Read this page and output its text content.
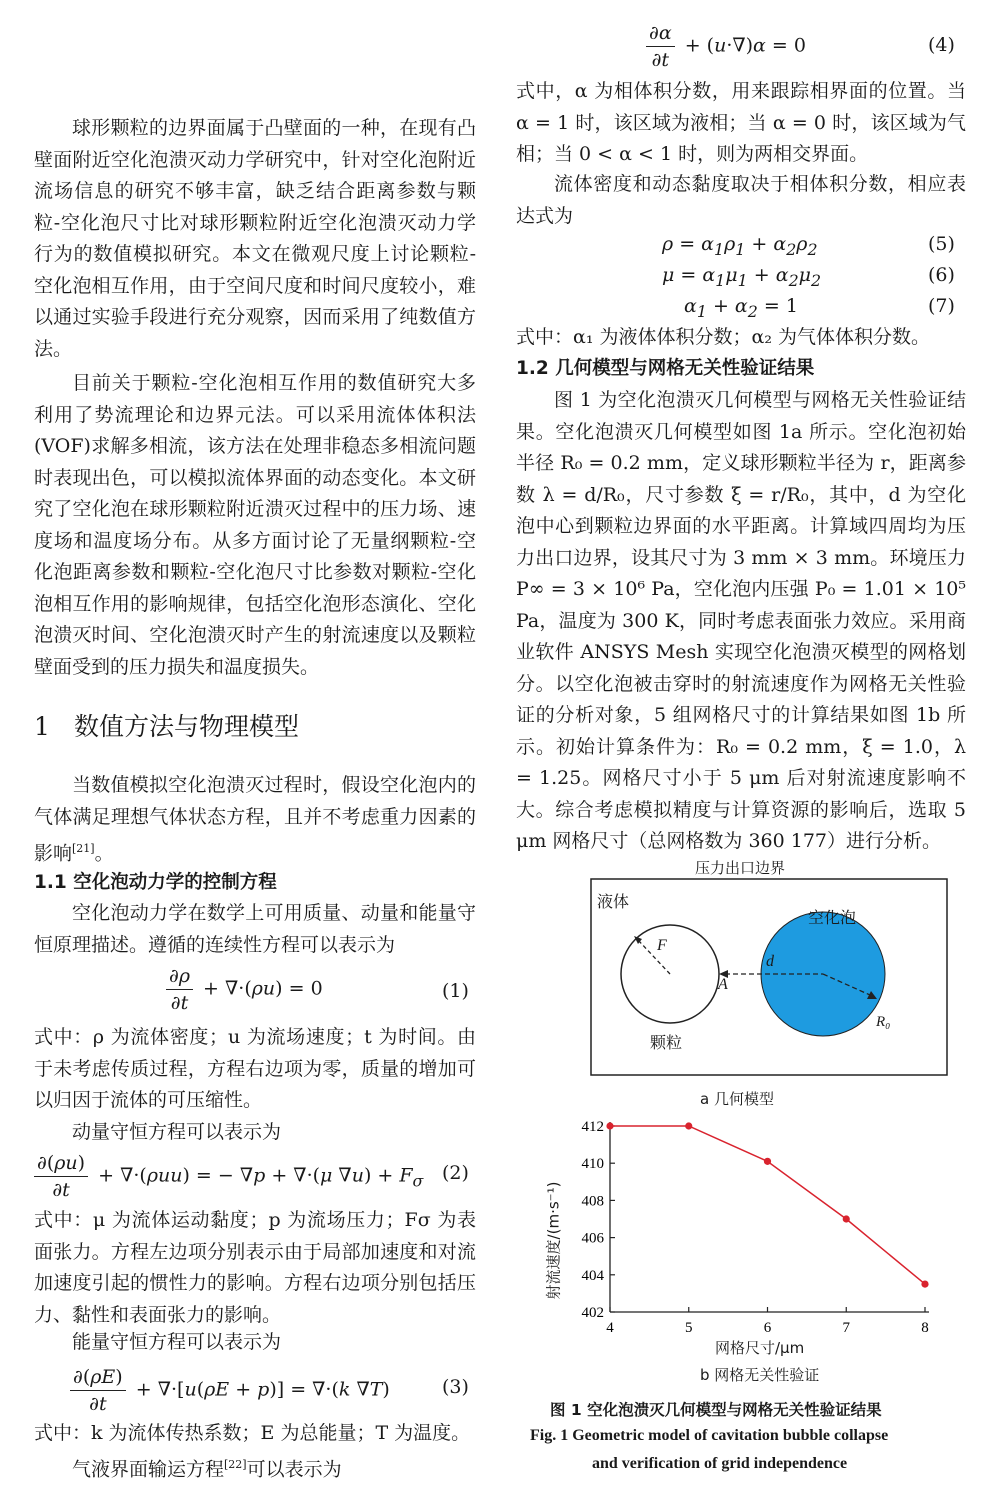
球形颗粒的边界面属于凸壁面的一种，在现有凸壁面附近空化泡溃灭动力学研究中，针对空化泡附近流场信息的研究不够丰富，缺乏结合距离参数与颗粒-空化泡尺寸比对球形颗粒附近空化泡溃灭动力学行为的数值模拟研究。本文在微观尺度上讨论颗粒-空化泡相互作用，由于空间尺度和时间尺度较小，难以通过实验手段进行充分观察，因而采用了纯数值方法。

目前关于颗粒-空化泡相互作用的数值研究大多利用了势流理论和边界元法。可以采用流体体积法(VOF)求解多相流，该方法在处理非稳态多相流问题时表现出色，可以模拟流体界面的动态变化。本文研究了空化泡在球形颗粒附近溃灭过程中的压力场、速度场和温度场分布。从多方面讨论了无量纲颗粒-空化泡距离参数和颗粒-空化泡尺寸比参数对颗粒-空化泡相互作用的影响规律，包括空化泡形态演化、空化泡溃灭时间、空化泡溃灭时产生的射流速度以及颗粒壁面受到的压力损失和温度损失。

1 数值方法与物理模型

当数值模拟空化泡溃灭过程时，假设空化泡内的气体满足理想气体状态方程，且并不考虑重力因素的影响[21]。

1.1 空化泡动力学的控制方程

空化泡动力学在数学上可用质量、动量和能量守恒原理描述。遵循的连续性方程可以表示为

$\frac{\partial\rho}{\partial t} + \nabla\cdot(\rho u) = 0$	(1)

式中：ρ 为流体密度；u 为流场速度；t 为时间。由于未考虑传质过程，方程右边项为零，质量的增加可以归因于流体的可压缩性。

动量守恒方程可以表示为

$\frac{\partial(\rho u)}{\partial t} + \nabla\cdot(\rho uu)$ = − ∇p + ∇·(μ $\nabla u) + F_\sigma$ (2)

式中：μ 为流体运动黏度；p 为流场压力；Fσ 为表面张力。方程左边项分别表示由于局部加速度和对流加速度引起的惯性力的影响。方程右边项分别包括压力、黏性和表面张力的影响。

能量守恒方程可以表示为

$\frac{\partial(\rho E)}{\partial t} + \nabla\cdot[u(\rho E + p)] = \nabla\cdot(k$ ∇T)	(3)

式中：k 为流体传热系数；E 为总能量；T 为温度。

气液界面输运方程[22]可以表示为

$\frac{\partial\alpha}{\partial t} + (u\cdot\nabla)\alpha = 0$	(4)

式中，α 为相体积分数，用来跟踪相界面的位置。当 α = 1 时，该区域为液相；当 α = 0 时，该区域为气相；当 0 < α < 1 时，则为两相交界面。

流体密度和动态黏度取决于相体积分数，相应表达式为

$\rho = \alpha_1\rho_1 + \alpha_2\rho_2$	(5)
$\mu = \alpha_1\mu_1 + \alpha_2\mu_2$	(6)
$\alpha_1 + \alpha_2 = 1$	(7)

式中：α₁ 为液体体积分数；α₂ 为气体体积分数。

1.2 几何模型与网格无关性验证结果

图 1 为空化泡溃灭几何模型与网格无关性验证结果。空化泡溃灭几何模型如图 1a 所示。空化泡初始半径 R₀ = 0.2 mm，定义球形颗粒半径为 r，距离参数 λ = d/R₀，尺寸参数 ξ = r/R₀，其中，d 为空化泡中心到颗粒边界面的水平距离。计算域四周均为压力出口边界，设其尺寸为 3 mm × 3 mm。环境压力 P∞ = 3 × 10⁶ Pa，空化泡内压强 P₀ = 1.01 × 10⁵ Pa，温度为 300 K，同时考虑表面张力效应。采用商业软件 ANSYS Mesh 实现空化泡溃灭模型的网格划分。以空化泡被击穿时的射流速度作为网格无关性验证的分析对象，5 组网格尺寸的计算结果如图 1b 所示。初始计算条件为：R₀ = 0.2 mm，ξ = 1.0，λ = 1.25。网格尺寸小于 5 μm 后对射流速度影响不大。综合考虑模拟精度与计算资源的影响后，选取 5 μm 网格尺寸（总网格数为 360 177）进行分析。

压力出口边界
液体
空化泡
颗粒
F
A
d
R₀
a 几何模型
4	5	6	7	8
402
404
406
408
410
412
网格尺寸/μm
射流速度/(m·s⁻¹)
b 网格无关性验证
图 1 空化泡溃灭几何模型与网格无关性验证结果
Fig. 1 Geometric model of cavitation bubble collapse
and verification of grid independence
